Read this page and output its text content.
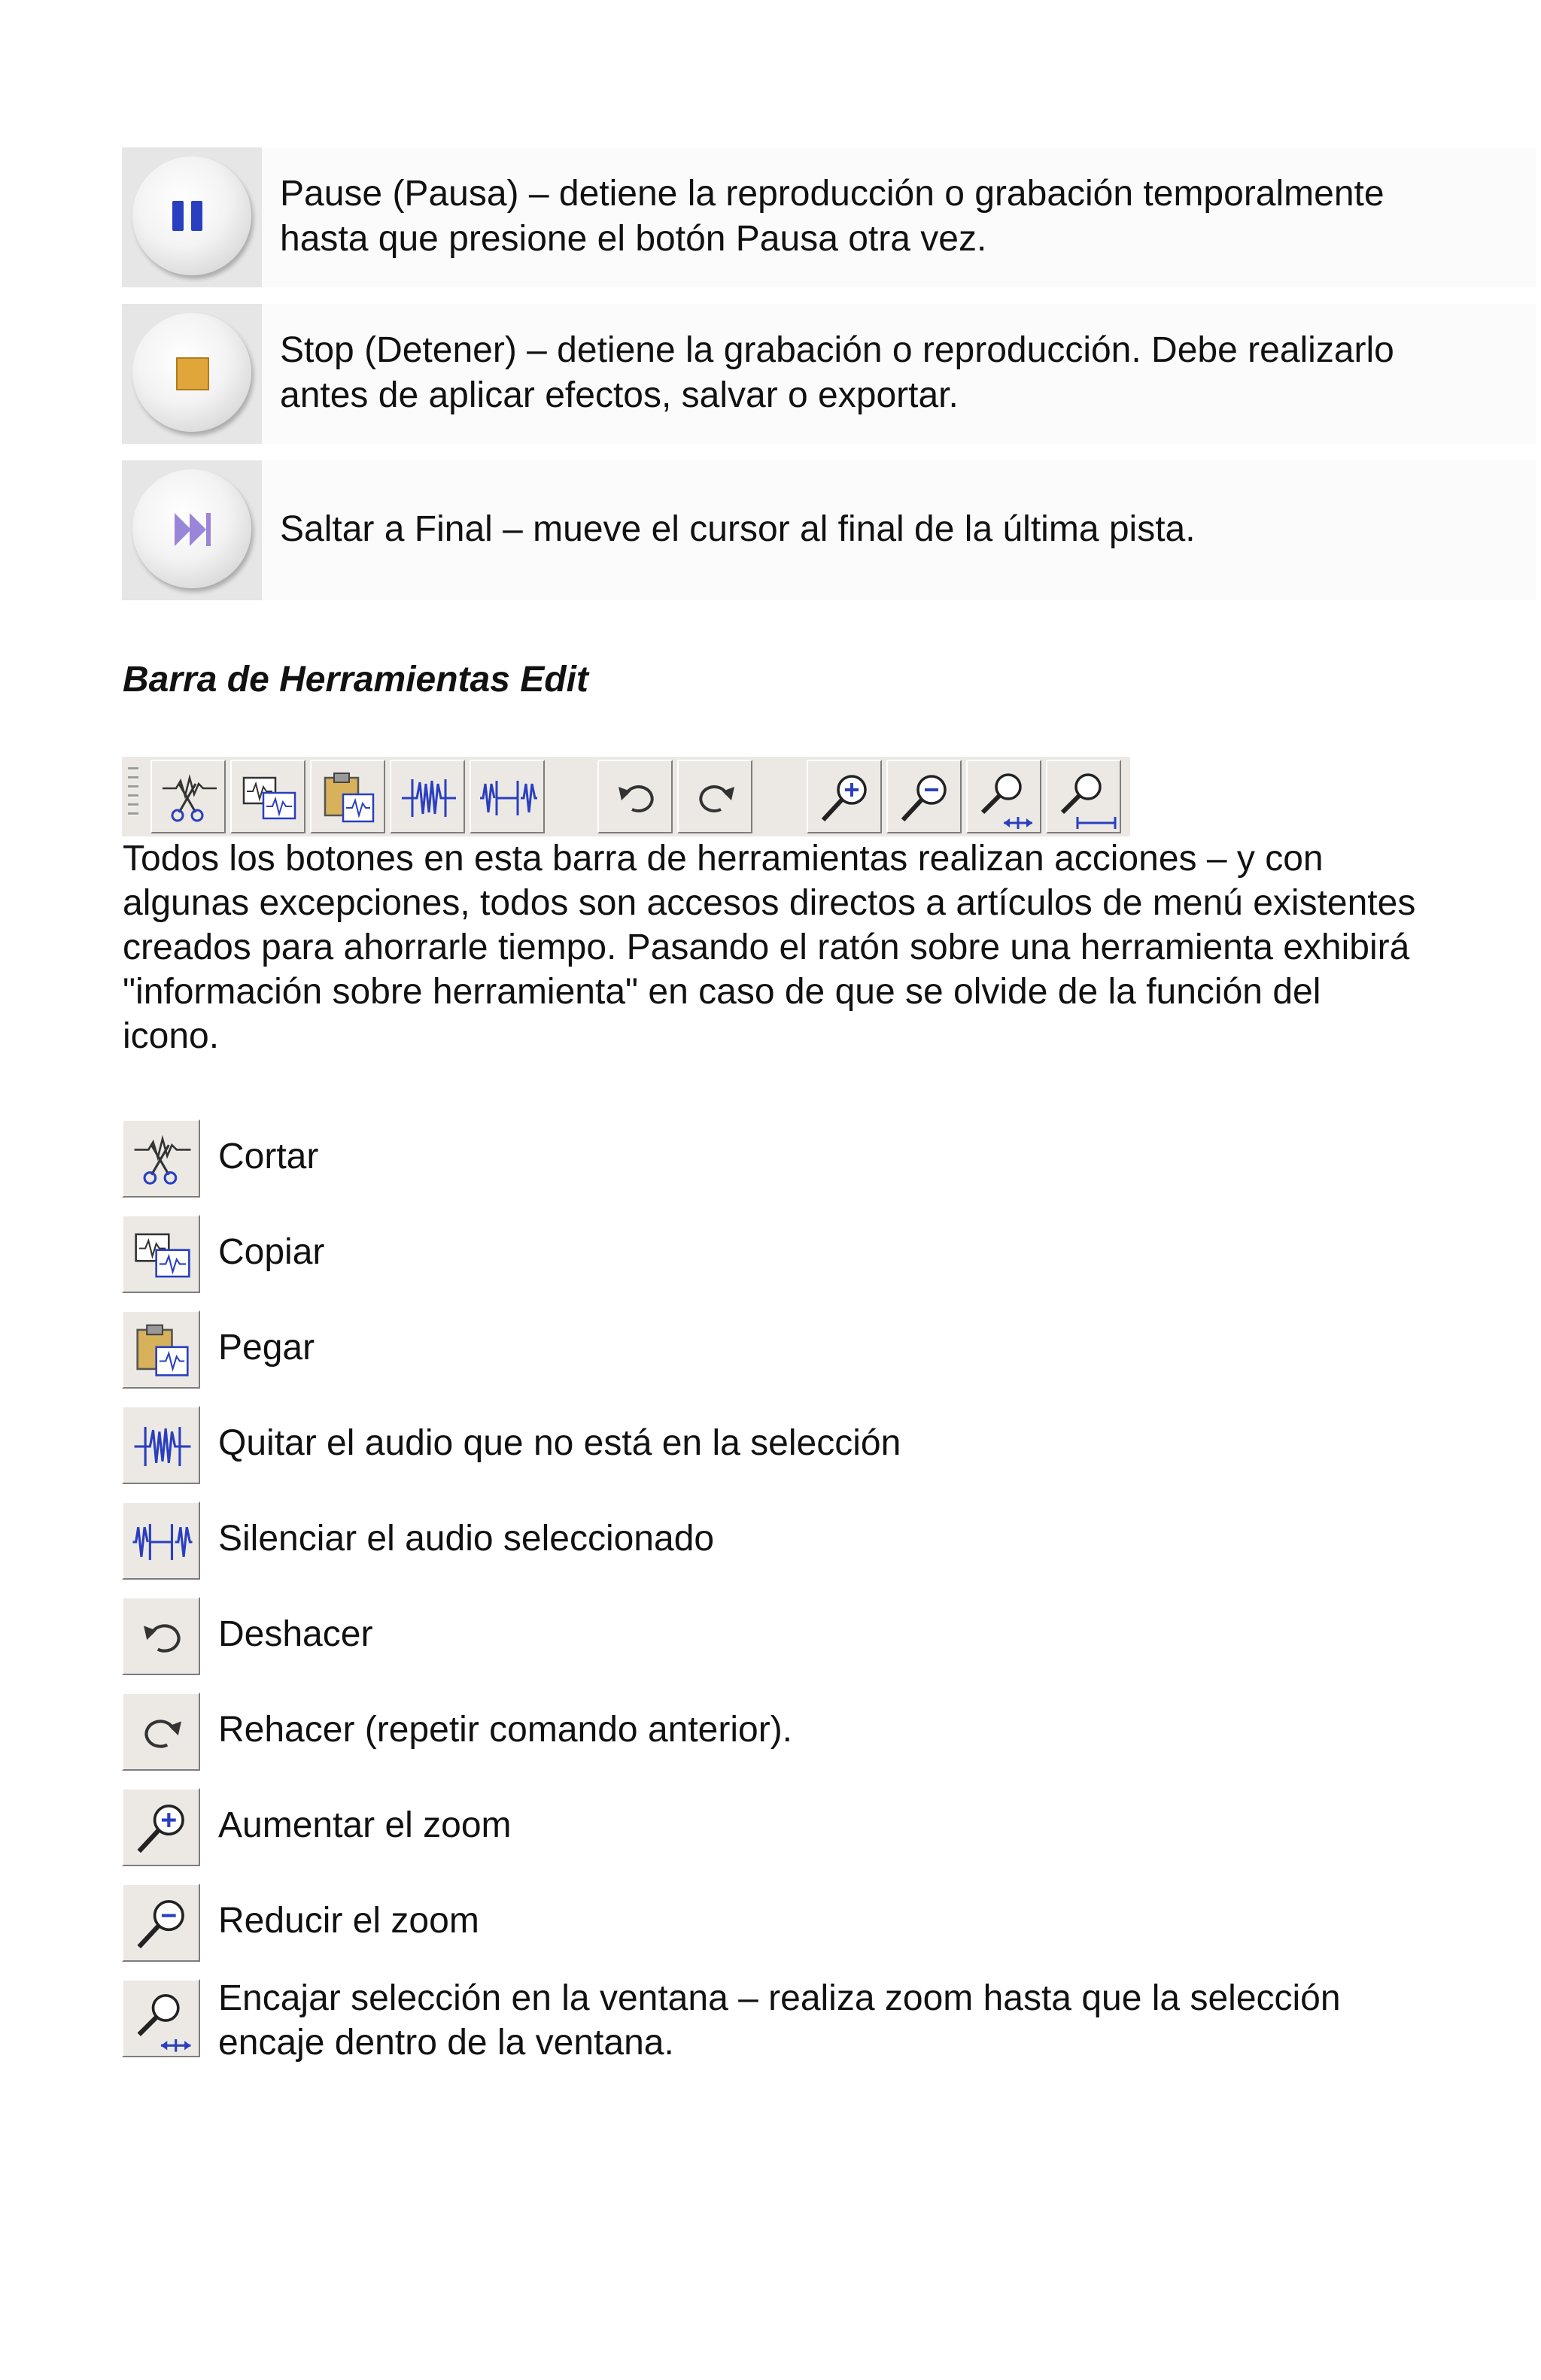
Pause (Pausa) – detiene la reproducción o grabación temporalmente hasta que presione el botón Pausa otra vez.

Stop (Detener) – detiene la grabación o reproducción. Debe realizarlo antes de aplicar efectos, salvar o exportar.

Saltar a Final – mueve el cursor al final de la última pista.

Barra de Herramientas Edit

Todos los botones en esta barra de herramientas realizan acciones – y con algunas excepciones, todos son accesos directos a artículos de menú existentes creados para ahorrarle tiempo. Pasando el ratón sobre una herramienta exhibirá "información sobre herramienta" en caso de que se olvide de la función del icono.

Cortar
Copiar
Pegar
Quitar el audio que no está en la selección
Silenciar el audio seleccionado
Deshacer
Rehacer (repetir comando anterior).
Aumentar el zoom
Reducir el zoom
Encajar selección en la ventana – realiza zoom hasta que la selección encaje dentro de la ventana.
